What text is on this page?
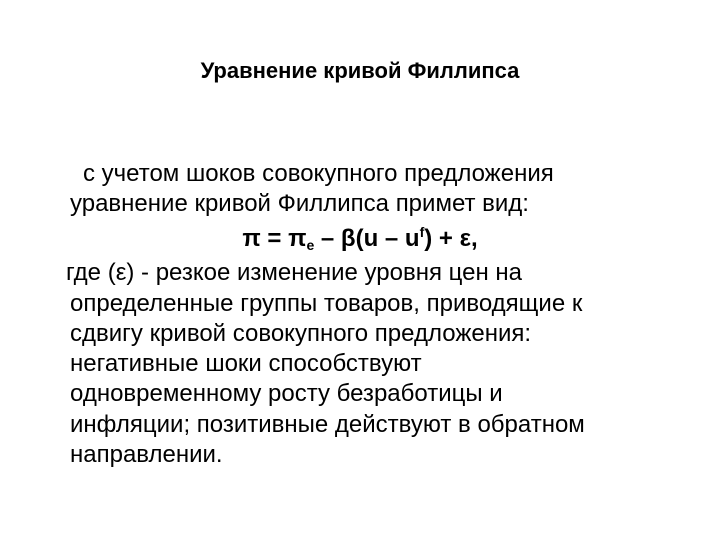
Уравнение кривой Филлипса
с учетом шоков совокупного предложения
уравнение кривой Филлипса примет вид:
$\pi = \pi_e - \beta(u - u^f) + \varepsilon$,
где (ε) - резкое изменение уровня цен на
определенные группы товаров, приводящие к
сдвигу кривой совокупного предложения:
негативные шоки способствуют
одновременному росту безработицы и
инфляции; позитивные действуют в обратном
направлении.
